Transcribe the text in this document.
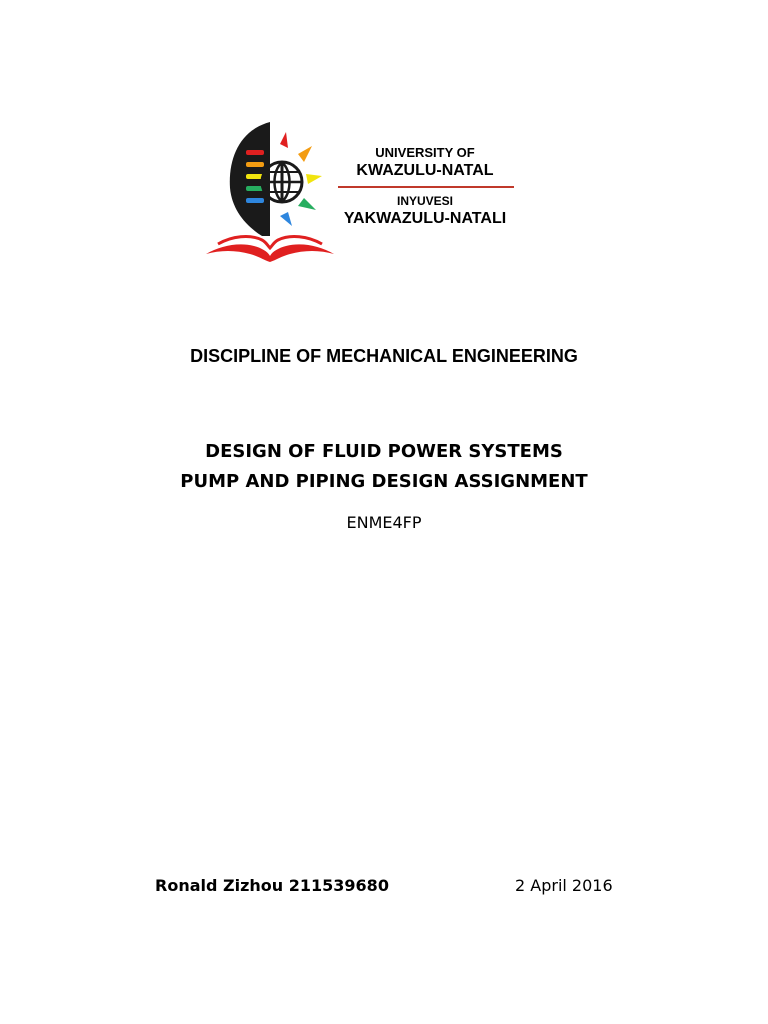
UNIVERSITY OF
KWAZULU-NATAL
INYUVESI
YAKWAZULU-NATALI
DISCIPLINE OF MECHANICAL ENGINEERING
DESIGN OF FLUID POWER SYSTEMS
PUMP AND PIPING DESIGN ASSIGNMENT
ENME4FP
Ronald Zizhou 211539680	2 April 2016
